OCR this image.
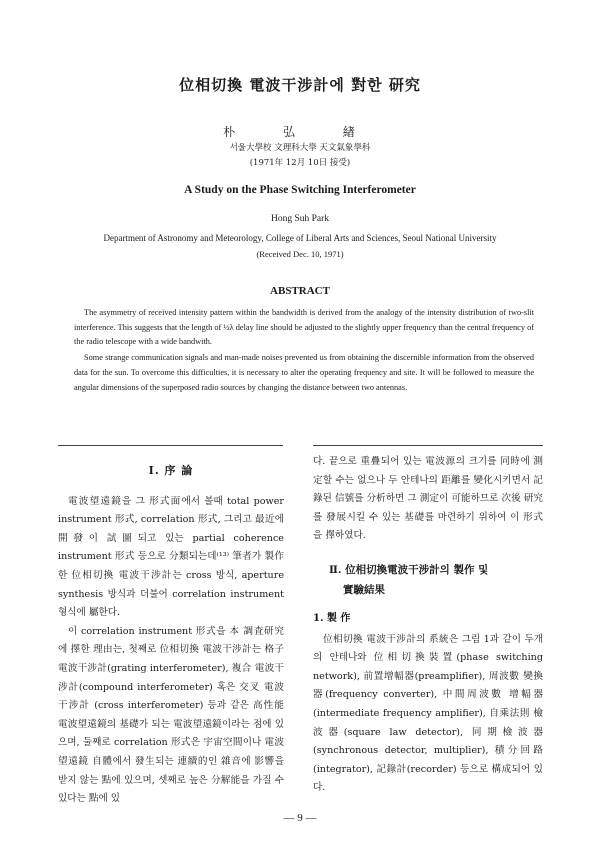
位相切換 電波干涉計에 對한 研究
朴 弘 緖
서울大學校 文理科大學 天文氣象學科
(1971年 12月 10日 接受)
A Study on the Phase Switching Interferometer
Hong Suh Park
Department of Astronomy and Meteorology, College of Liberal Arts and Sciences, Seoul National University
(Received Dec. 10, 1971)
ABSTRACT

The asymmetry of received intensity pattern within the bandwidth is derived from the analogy of the intensity distribution of two-slit interference. This suggests that the length of ½λ delay line should be adjusted to the slightly upper frequency than the central frequency of the radio telescope with a wide bandwith.

Some strange communication signals and man-made noises prevented us from obtaining the discernible information from the observed data for the sun. To overcome this difficulties, it is necessary to alter the operating frequency and site. It will be followed to measure the angular dimensions of the superposed radio sources by changing the distance between two antennas.

Ⅰ. 序 論

電波望遠鏡을 그 形式面에서 볼때 total power instrument 形式, correlation 形式, 그리고 最近에 開發이 試圖되고 있는 partial coherence instrument 形式 등으로 分類되는데⁽¹³⁾ 筆者가 製作한 位相切換 電波干涉計는 cross 방식, aperture synthesis 방식과 더불어 correlation instrument 형식에 屬한다.

이 correlation instrument 形式을 本 調査研究에 擇한 理由는, 첫째로 位相切換 電波干涉計는 格子 電波干涉計(grating interferometer), 複合 電波干涉計(compound interferometer) 혹은 交叉 電波干涉計 (cross interferometer) 등과 같은 高性能 電波望遠鏡의 基礎가 되는 電波望遠鏡이라는 점에 있으며, 둘째로 correlation 形式은 宇宙空間이나 電波望遠鏡 自體에서 發生되는 連續的인 雜音에 影響을 받지 않는 點에 있으며, 셋째로 높은 分解能을 가질 수 있다는 點에 있

다. 끝으로 重疊되어 있는 電波源의 크기를 同時에 測定할 수는 없으나 두 안테나의 距離를 變化시키면서 記錄된 信號를 分析하면 그 測定이 可能하므로 次後 研究를 發展시킬 수 있는 基礎를 마련하기 위하여 이 形式을 擇하였다.

Ⅱ. 位相切換電波干涉計의 製作 및
實驗結果
1. 製 作

位相切換 電波干涉計의 系統은 그림 1과 같이 두개의 안테나와 位相切換裝置(phase switching network), 前置增幅器(preamplifier), 周波數 變換器(frequency converter), 中間周波數 增幅器(intermediate frequency amplifier), 自乘法則 檢波器(square law detector), 同期檢波器(synchronous detector, multiplier), 積分回路(integrator), 記錄計(recorder) 등으로 構成되어 있다.

— 9 —
